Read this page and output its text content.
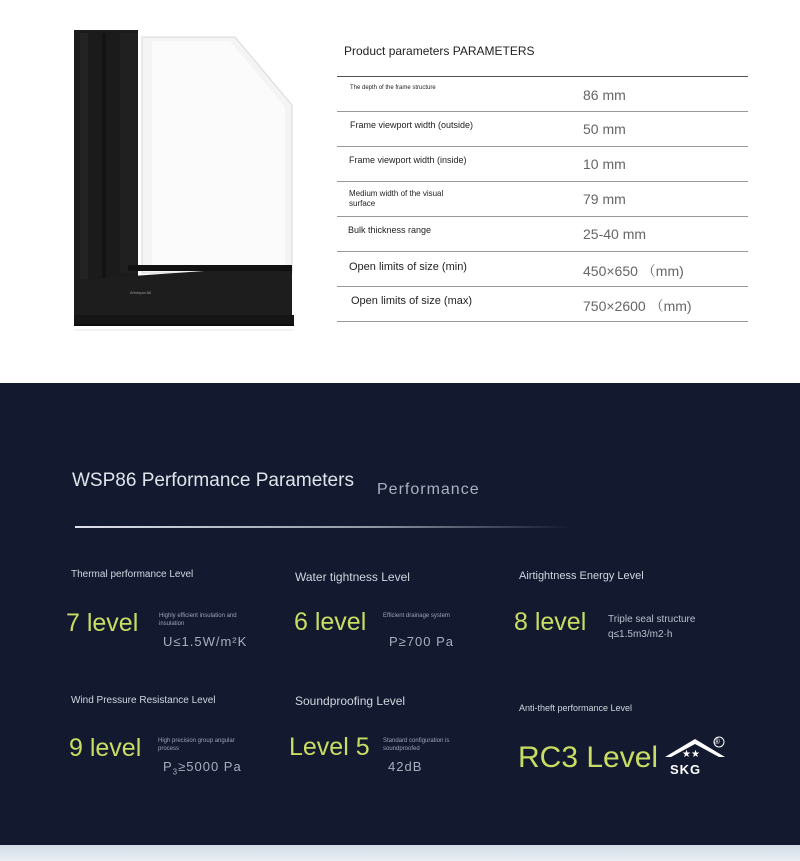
Wintopia 86
Product parameters PARAMETERS
The depth of the frame structure	86 mm
Frame viewport width (outside)	50 mm
Frame viewport width (inside)	10 mm
Medium width of the visual surface	79 mm
Bulk thickness range	25-40 mm
Open limits of size (min)	450×650 （mm)
Open limits of size (max)	750×2600 （mm)
WSP86 Performance Parameters Performance
Thermal performance Level
7 level	Highly efficient insulation and insulation
U≤1.5W/m²K
Water tightness Level
6 level	Efficient drainage system
P≥700 Pa
Airtightness Energy Level
8 level Triple seal structure
q≤1.5m3/m2·h
Wind Pressure Resistance Level
9 level	High precision group angular process
$P_3\ge 5000$ Pa
Soundproofing Level
Level 5 Standard configuration is soundproofed
42dB
Anti-theft performance Level
RC3 Level ★★
®
SKG
